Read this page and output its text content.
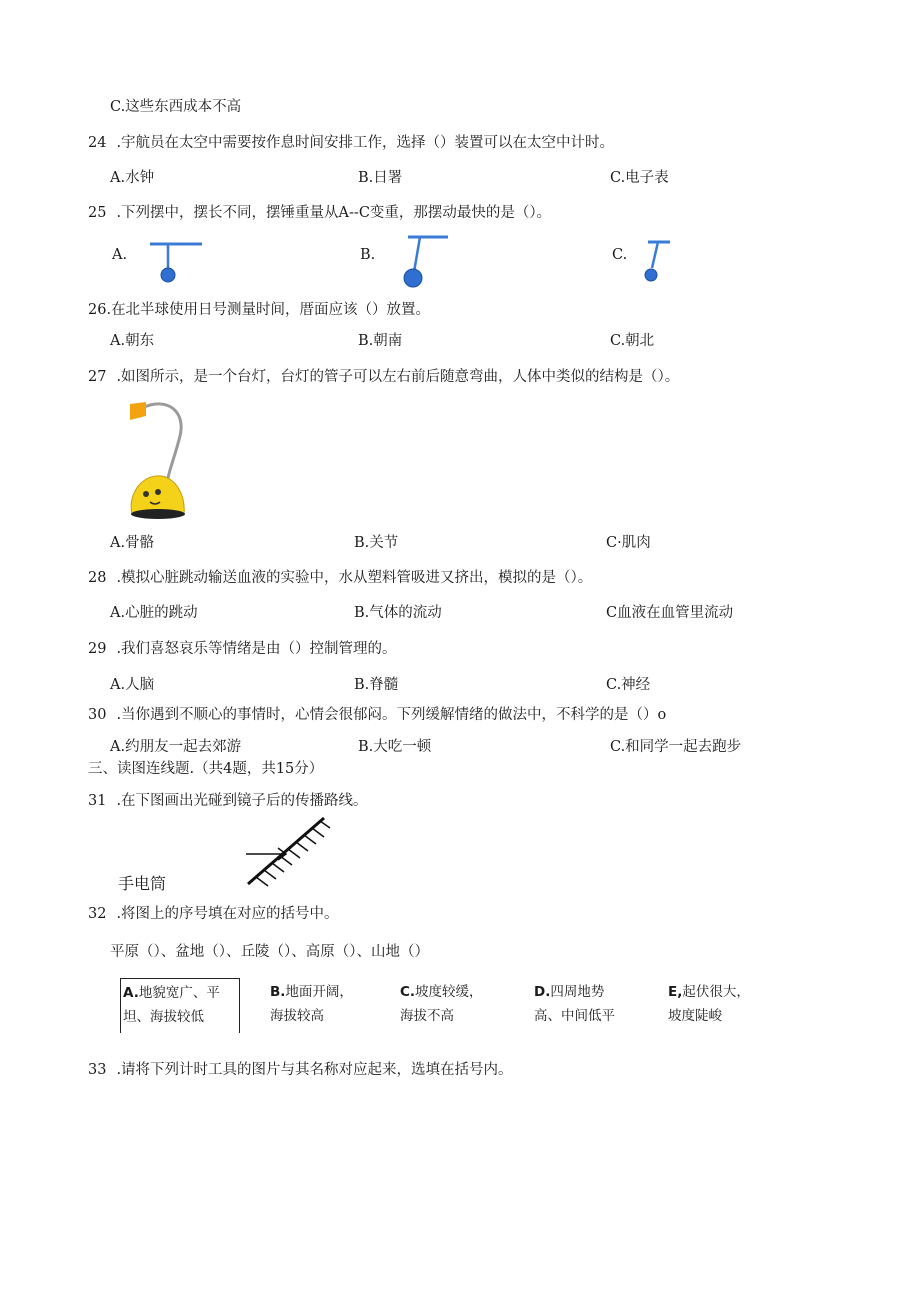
C.这些东西成本不高
24 .宇航员在太空中需要按作息时间安排工作，选择（）装置可以在太空中计时。
A.水钟	B.日署	C.电子表
25 .下列摆中，摆长不同，摆锤重量从A--C变重，那摆动最快的是（）。
A.	B.	C.
26.在北半球使用日号测量时间，厝面应该（）放置。
A.朝东	B.朝南	C.朝北
27 .如图所示，是一个台灯，台灯的管子可以左右前后随意弯曲，人体中类似的结构是（）。
A.骨骼	B.关节	C·肌肉
28 .模拟心脏跳动输送血液的实验中，水从塑料管吸进又挤出，模拟的是（）。
A.心脏的跳动	B.气体的流动	C血液在血管里流动
29 .我们喜怒哀乐等情绪是由（）控制管理的。
A.人脑	B.脊髓	C.神经
30 .当你遇到不顺心的事情时，心情会很郁闷。下列缓解情绪的做法中，不科学的是（）o
A.约朋友一起去郊游	B.大吃一顿	C.和同学一起去跑步
三、读图连线题.（共4题，共15分）
31 .在下图画出光碰到镜子后的传播路线。
手电筒
32 .将图上的序号填在对应的括号中。
平原（）、盆地（）、丘陵（）、高原（）、山地（）
A.地貌宽广、平
坦、海拔较低
B.地面开阔，
海拔较高
C.坡度较缓，
海拔不高
D.四周地势
高、中间低平
E,起伏很大，
坡度陡峻
33 .请将下列计时工具的图片与其名称对应起来，选填在括号内。
